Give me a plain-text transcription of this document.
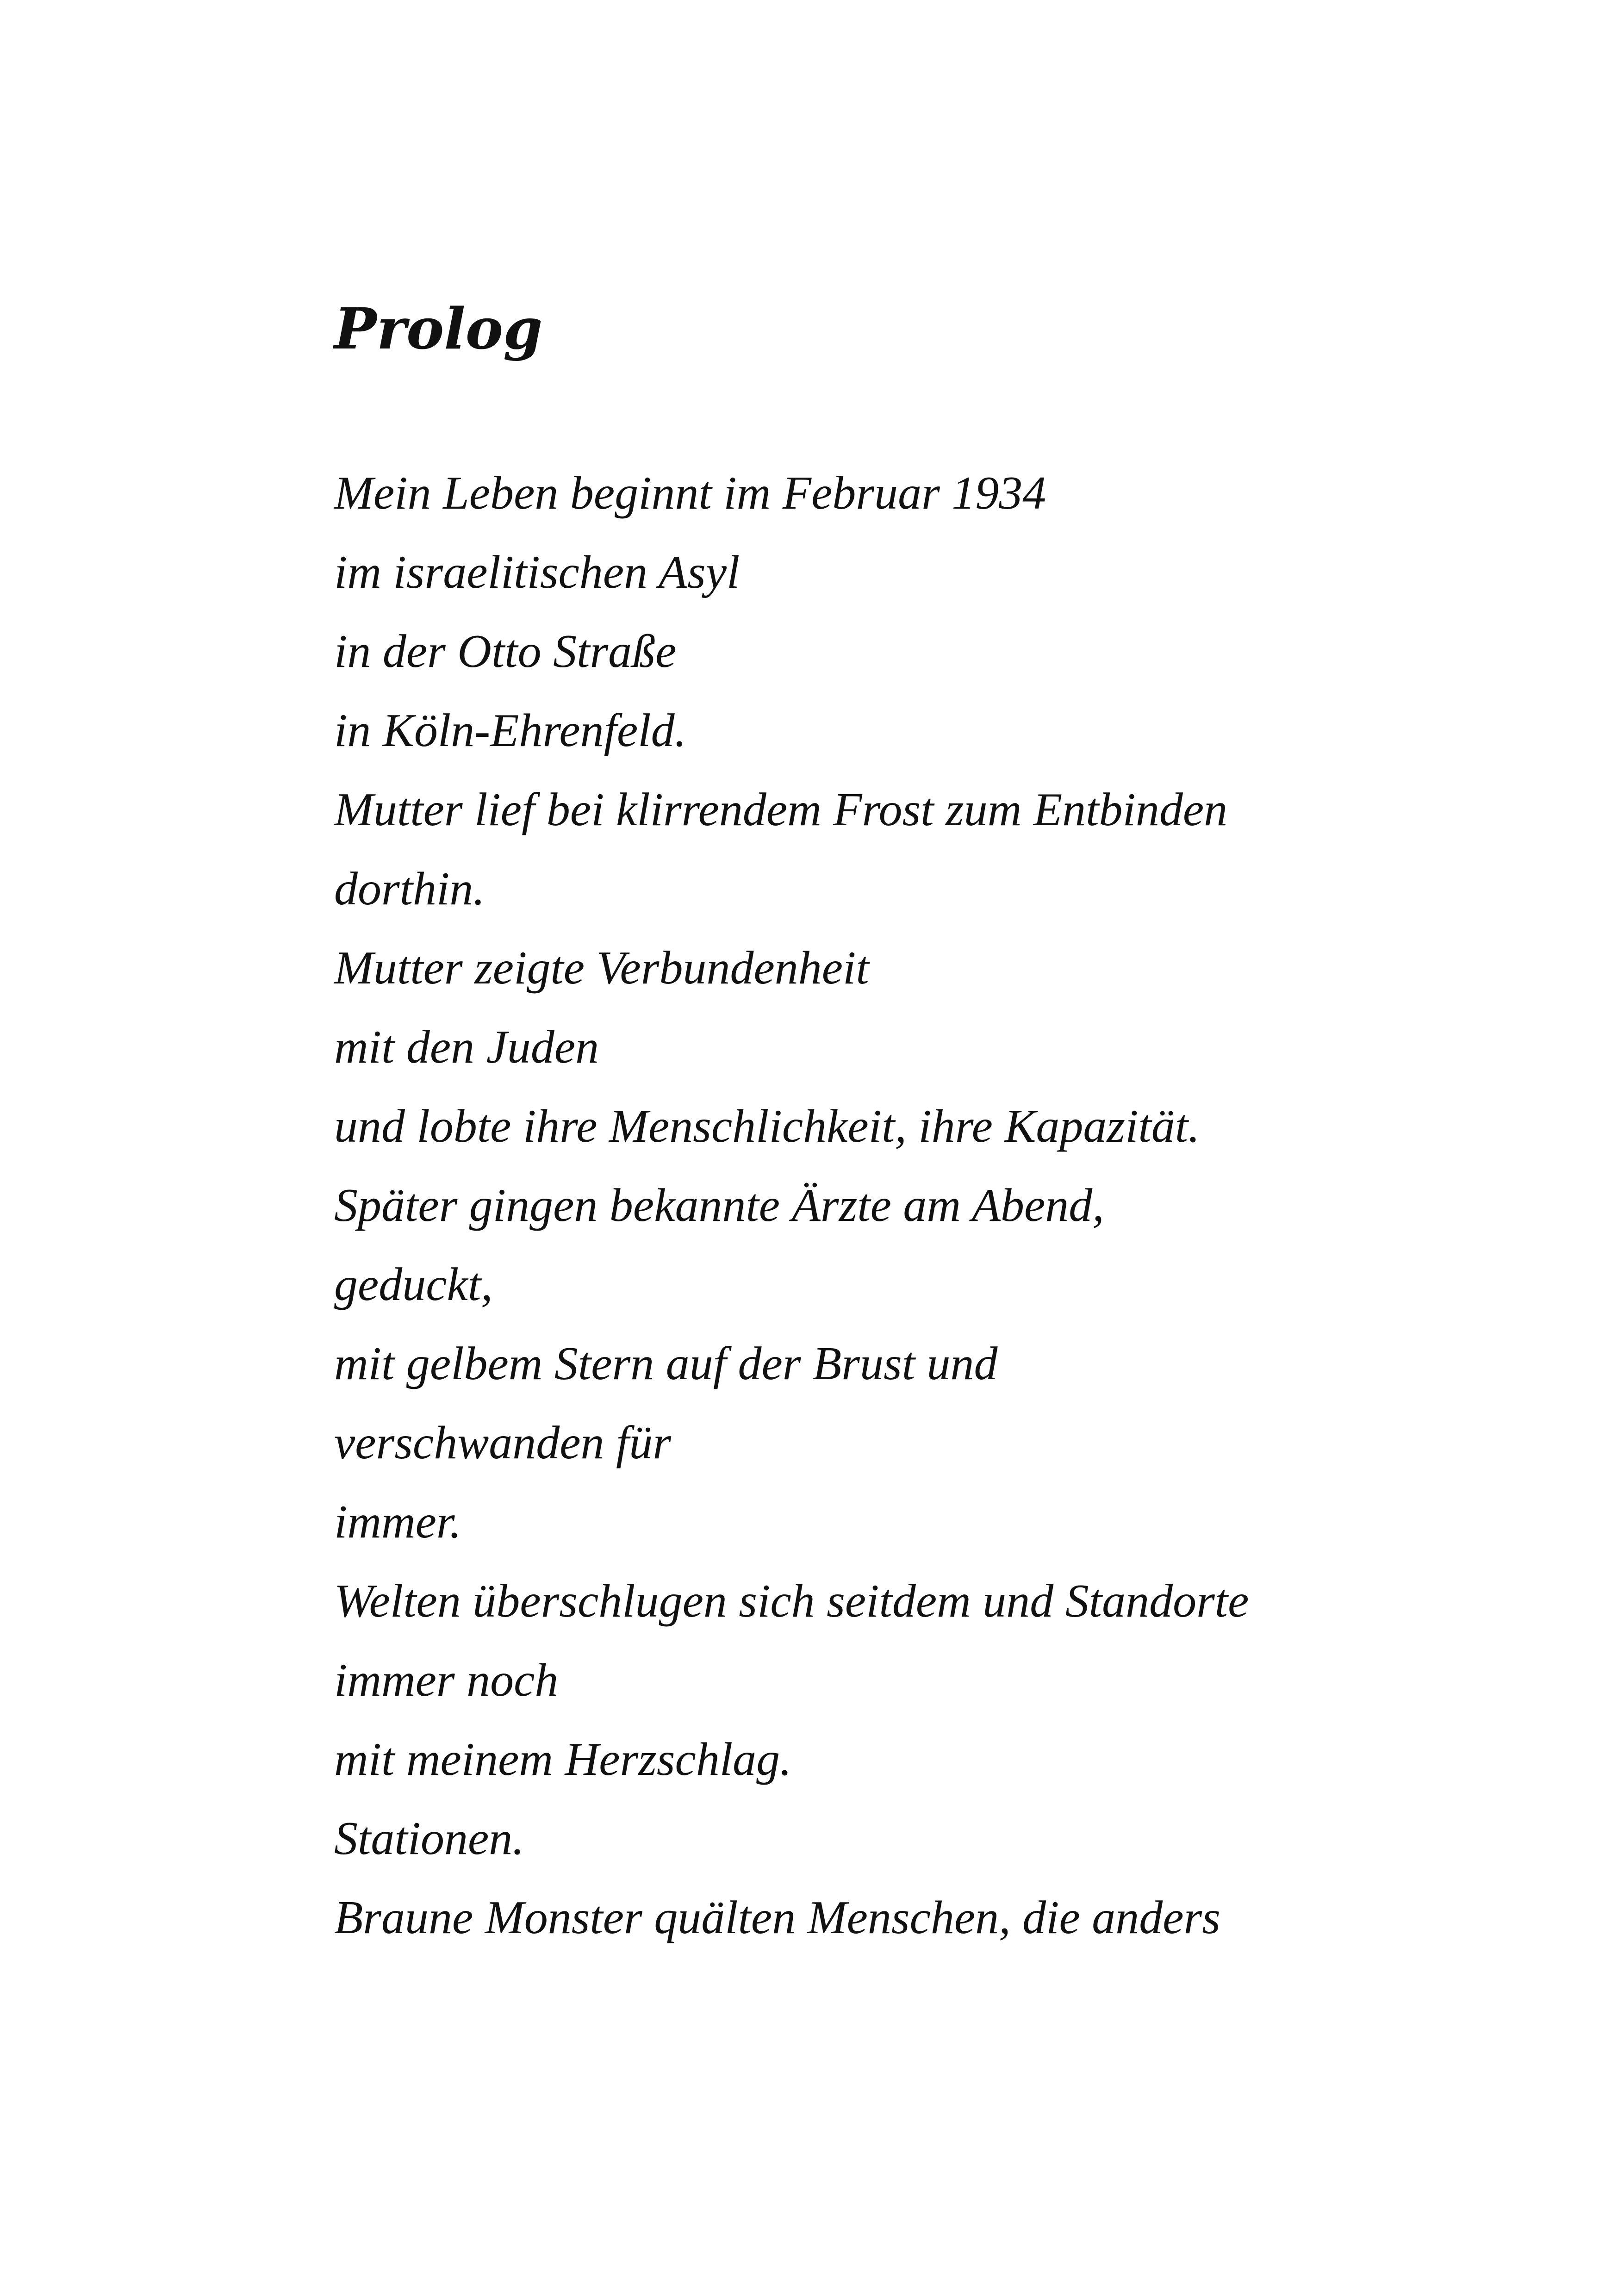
Prolog
Mein Leben beginnt im Februar 1934
im israelitischen Asyl
in der Otto Straße
in Köln-Ehrenfeld.
Mutter lief bei klirrendem Frost zum Entbinden
dorthin.
Mutter zeigte Verbundenheit
mit den Juden
und lobte ihre Menschlichkeit, ihre Kapazität.
Später gingen bekannte Ärzte am Abend,
geduckt,
mit gelbem Stern auf der Brust und
verschwanden für
immer.
Welten überschlugen sich seitdem und Standorte
immer noch
mit meinem Herzschlag.
Stationen.
Braune Monster quälten Menschen, die anders
